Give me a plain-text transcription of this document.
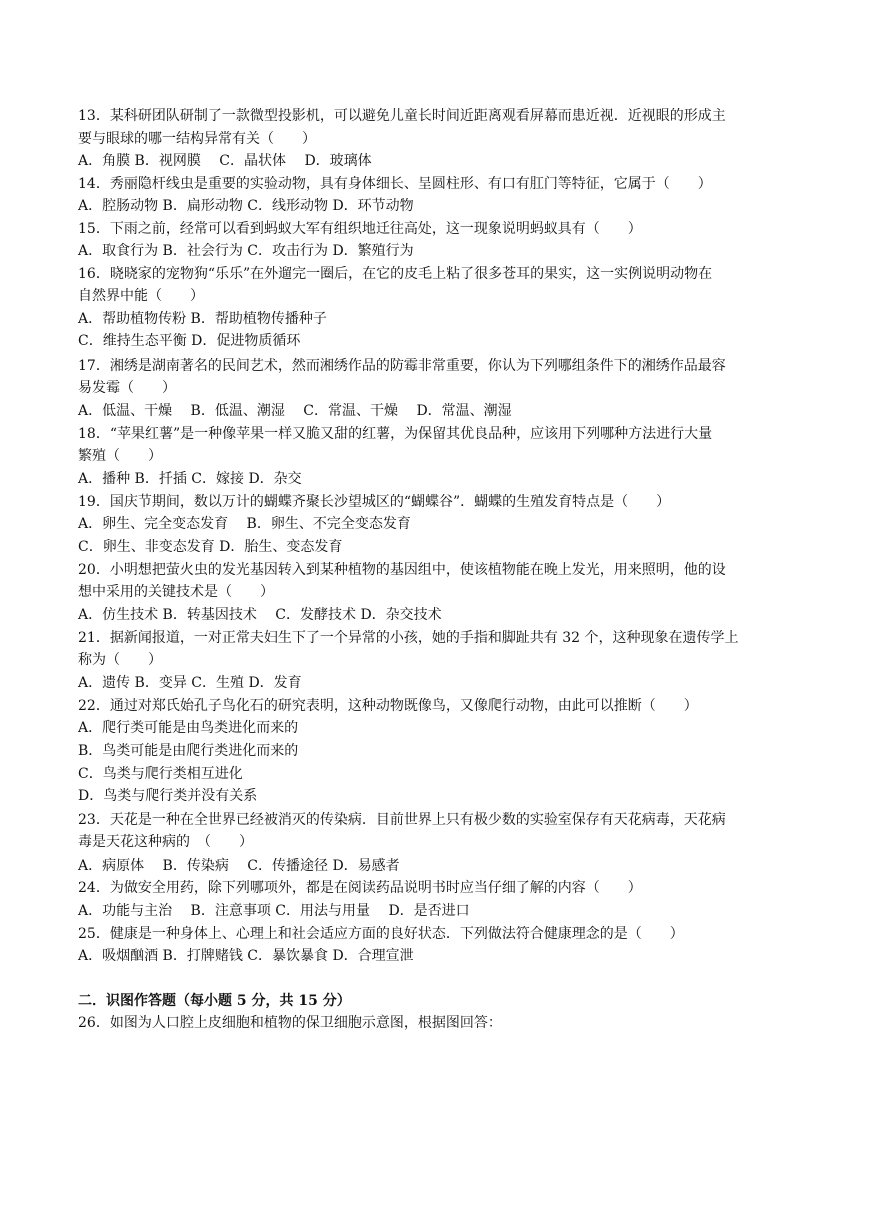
13．某科研团队研制了一款微型投影机，可以避免儿童长时间近距离观看屏幕而患近视．近视眼的形成主
要与眼球的哪一结构异常有关（　　）
A．角膜 B．视网膜　 C．晶状体　 D．玻璃体
14．秀丽隐杆线虫是重要的实验动物，具有身体细长、呈圆柱形、有口有肛门等特征，它属于（　　）
A．腔肠动物 B．扁形动物 C．线形动物 D．环节动物
15．下雨之前，经常可以看到蚂蚁大军有组织地迁往高处，这一现象说明蚂蚁具有（　　）
A．取食行为 B．社会行为 C．攻击行为 D．繁殖行为
16．晓晓家的宠物狗“乐乐”在外遛完一圈后，在它的皮毛上粘了很多苍耳的果实，这一实例说明动物在
自然界中能（　　）
A．帮助植物传粉 B．帮助植物传播种子
C．维持生态平衡 D．促进物质循环
17．湘绣是湖南著名的民间艺术，然而湘绣作品的防霉非常重要，你认为下列哪组条件下的湘绣作品最容
易发霉（　　）
A．低温、干燥　 B．低温、潮湿　 C．常温、干燥　 D．常温、潮湿
18．“苹果红薯”是一种像苹果一样又脆又甜的红薯，为保留其优良品种，应该用下列哪种方法进行大量
繁殖（　　）
A．播种 B．扦插 C．嫁接 D．杂交
19．国庆节期间，数以万计的蝴蝶齐聚长沙望城区的“蝴蝶谷”．蝴蝶的生殖发育特点是（　　）
A．卵生、完全变态发育　 B．卵生、不完全变态发育
C．卵生、非变态发育 D．胎生、变态发育
20．小明想把萤火虫的发光基因转入到某种植物的基因组中，使该植物能在晚上发光，用来照明，他的设
想中采用的关键技术是（　　）
A．仿生技术 B．转基因技术　 C．发酵技术 D．杂交技术
21．据新闻报道，一对正常夫妇生下了一个异常的小孩，她的手指和脚趾共有 32 个，这种现象在遗传学上
称为（　　）
A．遗传 B．变异 C．生殖 D．发育
22．通过对郑氏始孔子鸟化石的研究表明，这种动物既像鸟，又像爬行动物，由此可以推断（　　）
A．爬行类可能是由鸟类进化而来的
B．鸟类可能是由爬行类进化而来的
C．鸟类与爬行类相互进化
D．鸟类与爬行类并没有关系
23．天花是一种在全世界已经被消灭的传染病．目前世界上只有极少数的实验室保存有天花病毒，天花病
毒是天花这种病的　（　　）
A．病原体　 B．传染病　 C．传播途径 D．易感者
24．为做安全用药，除下列哪项外，都是在阅读药品说明书时应当仔细了解的内容（　　）
A．功能与主治　 B．注意事项 C．用法与用量　 D．是否进口
25．健康是一种身体上、心理上和社会适应方面的良好状态．下列做法符合健康理念的是（　　）
A．吸烟酗酒 B．打牌赌钱 C．暴饮暴食 D．合理宣泄
二．识图作答题（每小题 5 分，共 15 分）
26．如图为人口腔上皮细胞和植物的保卫细胞示意图，根据图回答：
